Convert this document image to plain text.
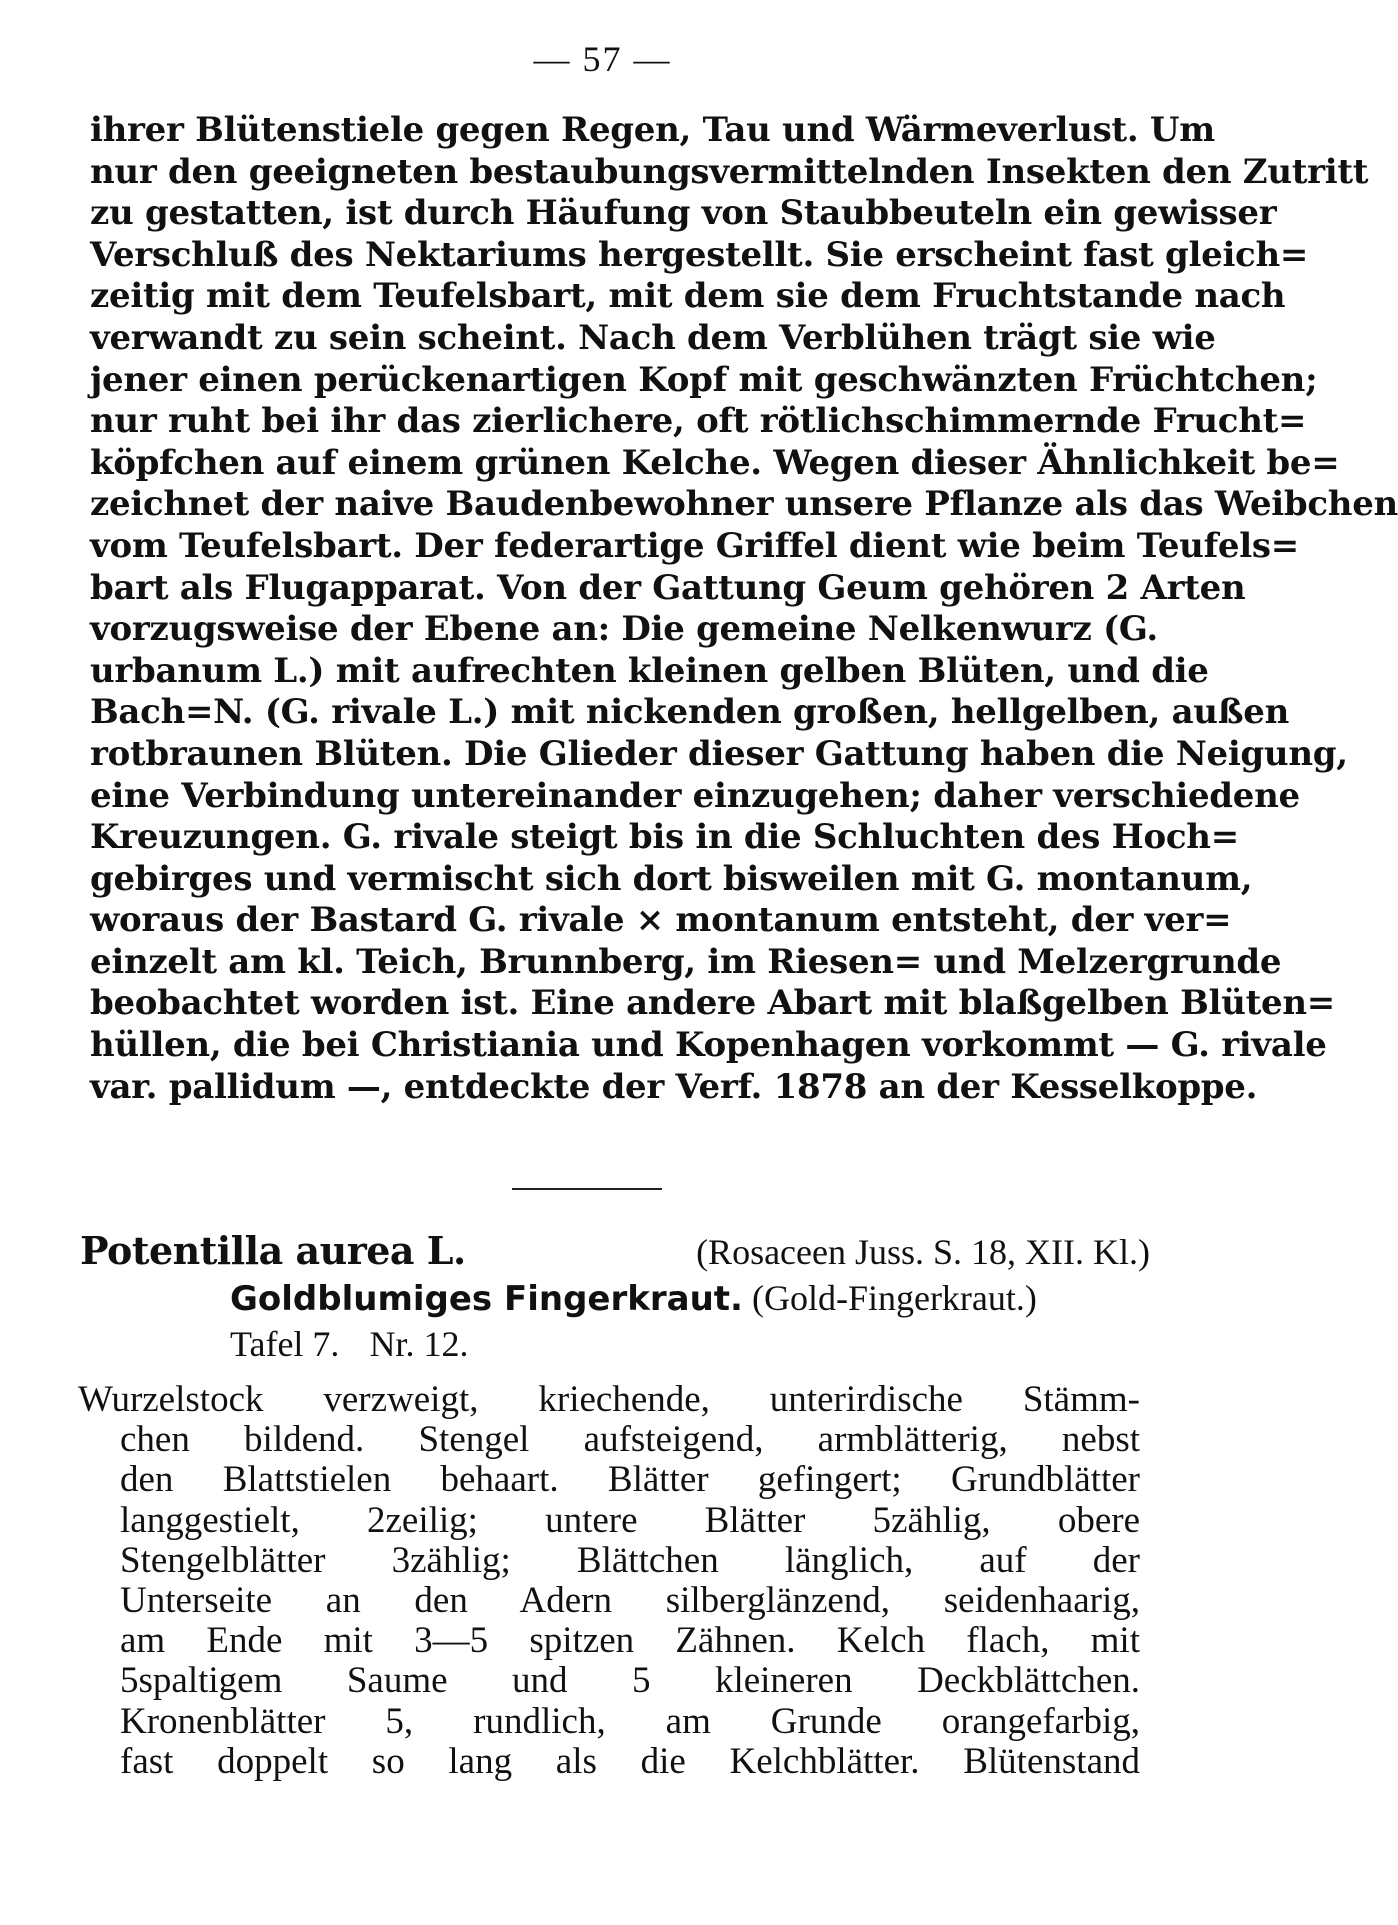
— 57 —
ihrer Blütenstiele gegen Regen, Tau und Wärmeverlust. Um
nur den geeigneten bestaubungsvermittelnden Insekten den Zutritt
zu gestatten, ist durch Häufung von Staubbeuteln ein gewisser
Verschluß des Nektariums hergestellt. Sie erscheint fast gleich=
zeitig mit dem Teufelsbart, mit dem sie dem Fruchtstande nach
verwandt zu sein scheint. Nach dem Verblühen trägt sie wie
jener einen perückenartigen Kopf mit geschwänzten Früchtchen;
nur ruht bei ihr das zierlichere, oft rötlichschimmernde Frucht=
köpfchen auf einem grünen Kelche. Wegen dieser Ähnlichkeit be=
zeichnet der naive Baudenbewohner unsere Pflanze als das Weibchen
vom Teufelsbart. Der federartige Griffel dient wie beim Teufels=
bart als Flugapparat. Von der Gattung Geum gehören 2 Arten
vorzugsweise der Ebene an: Die gemeine Nelkenwurz (G.
urbanum L.) mit aufrechten kleinen gelben Blüten, und die
Bach=N. (G. rivale L.) mit nickenden großen, hellgelben, außen
rotbraunen Blüten. Die Glieder dieser Gattung haben die Neigung,
eine Verbindung untereinander einzugehen; daher verschiedene
Kreuzungen. G. rivale steigt bis in die Schluchten des Hoch=
gebirges und vermischt sich dort bisweilen mit G. montanum,
woraus der Bastard G. rivale × montanum entsteht, der ver=
einzelt am kl. Teich, Brunnberg, im Riesen= und Melzergrunde
beobachtet worden ist. Eine andere Abart mit blaßgelben Blüten=
hüllen, die bei Christiania und Kopenhagen vorkommt — G. rivale
var. pallidum —, entdeckte der Verf. 1878 an der Kesselkoppe.
Potentilla aurea L.	(Rosaceen Juss. S. 18, XII. Kl.)
Goldblumiges Fingerkraut. (Gold-Fingerkraut.)
Tafel 7. Nr. 12.
Wurzelstock verzweigt, kriechende, unterirdische Stämm-
chen bildend. Stengel aufsteigend, armblätterig, nebst
den Blattstielen behaart. Blätter gefingert; Grundblätter
langgestielt, 2zeilig; untere Blätter 5zählig, obere
Stengelblätter 3zählig; Blättchen länglich, auf der
Unterseite an den Adern silberglänzend, seidenhaarig,
am Ende mit 3—5 spitzen Zähnen. Kelch flach, mit
5spaltigem Saume und 5 kleineren Deckblättchen.
Kronenblätter 5, rundlich, am Grunde orangefarbig,
fast doppelt so lang als die Kelchblätter. Blütenstand
